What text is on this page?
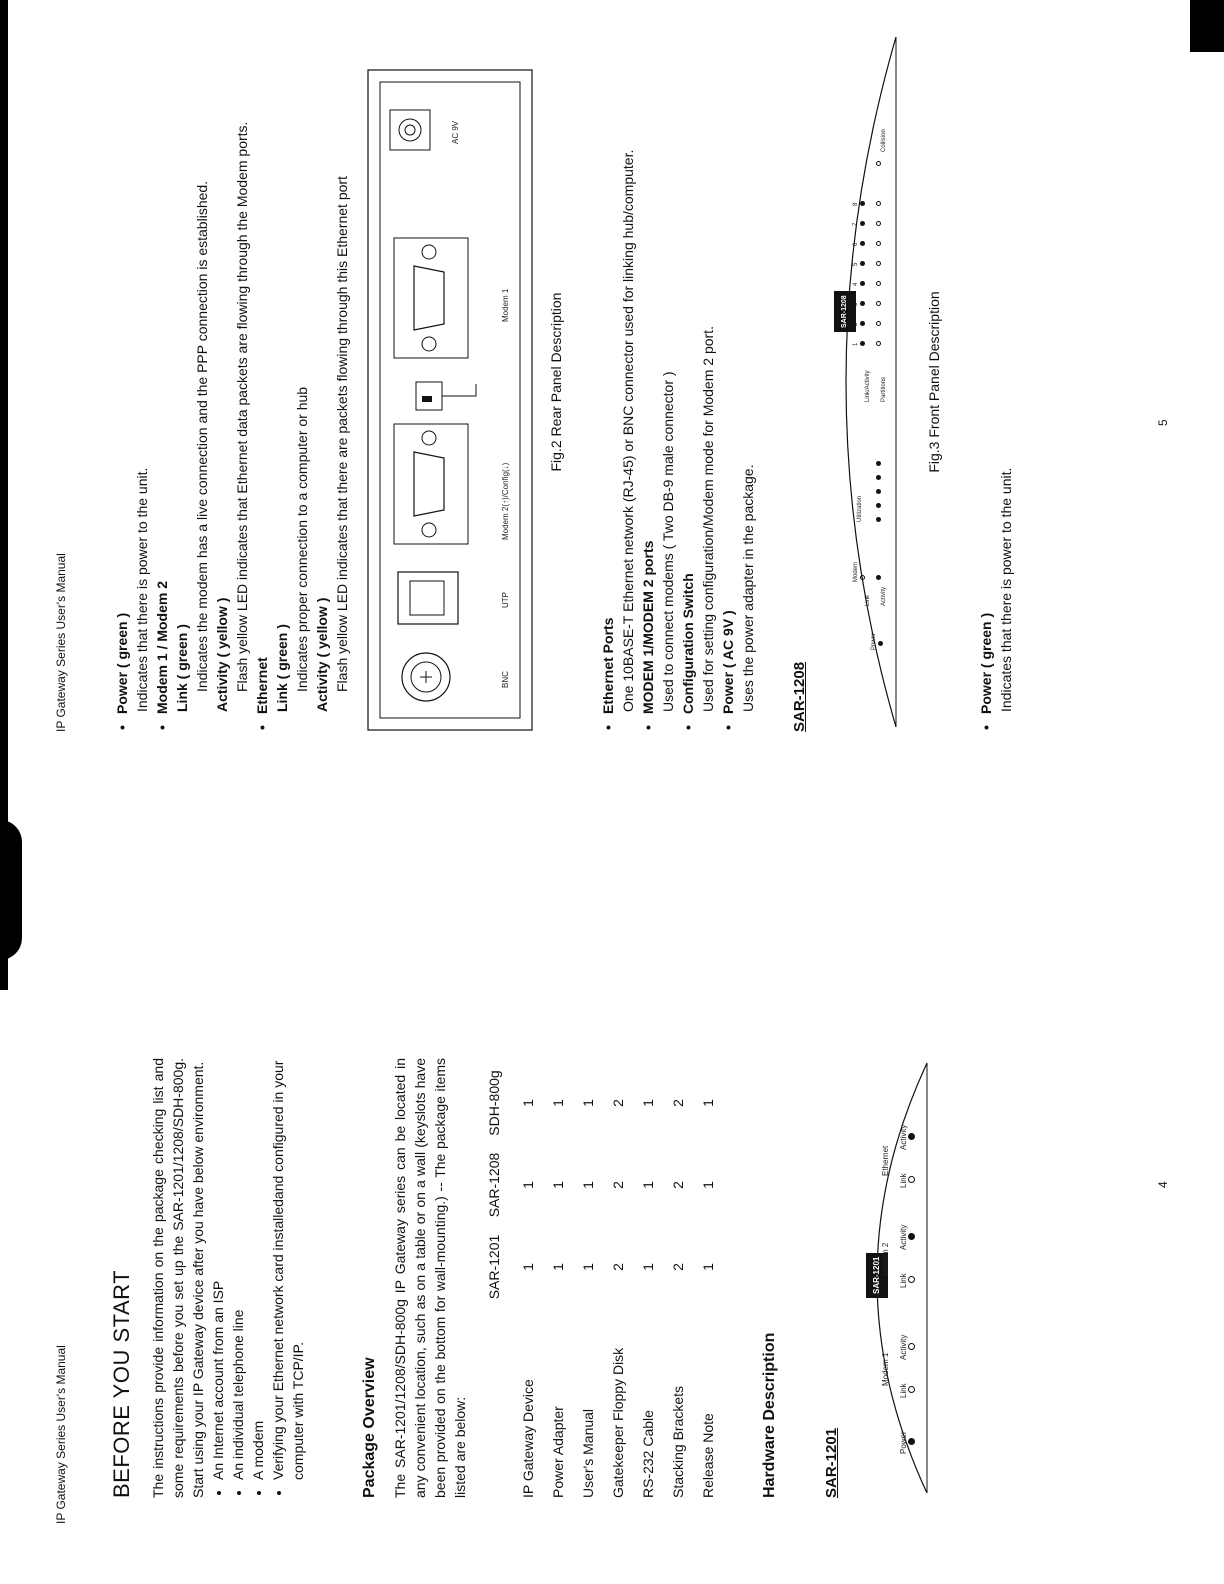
IP Gateway Series User's Manual BEFORE YOU START The instructions provide information on the package checking list and some requirements before you set up the SAR-1201/1208/SDH-800g. Start using your IP Gateway device after you have below environment. • An Internet account from an ISP • An individual telephone line • A modem • Verifying your Ethernet network card installedand configured in your computer with TCP/IP.	Package Overview The SAR-1201/1208/SDH-800g IP Gateway series can be located in any convenient location, such as on a table or on a wall (keyslots have been provided on the bottom for wall-mounting.) -- The package items listed are below:

	SAR-1201	SAR-1208	SDH-800g
IP Gateway Device	1	1	1
Power Adapter	1	1	1
User's Manual	1	1	1
Gatekeeper Floppy Disk	2	2	2
RS-232 Cable	1	1	1
Stacking Brackets	2	2	2
Release Note	1	1	1
Hardware Description	SAR-1201
SAR-1201
Modem 1
Modem 2
Ethernet
Power
Link
Activity
Link
Activity
Link
Activity
4
IP Gateway Series User's Manual	• Power ( green ) Indicates that there is power to the unit. • Modem 1 / Modem 2 Link ( green ) Indicates the modem has a live connection and the PPP connection is established. Activity ( yellow ) Flash yellow LED indicates that Ethernet data packets are flowing through the Modem ports. • Ethernet Link ( green ) Indicates proper connection to a computer or hub Activity ( yellow ) Flash yellow LED indicates that there are packets flowing through this Ethernet port	BNC
UTP
Modem 2(↑)/Config(↓)
Modem 1
AC 9V
Fig.2 Rear Panel Description
• Ethernet Ports One 10BASE-T Ethernet network (RJ-45) or BNC connector used for linking hub/computer. • MODEM 1/MODEM 2 ports Used to connect modems ( Two DB-9 male connector ) • Configuration Switch Used for setting configuration/Modem mode for Modem 2 port. • Power ( AC 9V ) Uses the power adapter in the package. SAR-1208
SAR-1208
Power
Modem
Link	Activity
Utilization
Link/Activity	Partitions
Collision
1
2
3
4
5
6
7
8
Fig.3 Front Panel Description
• Power ( green ) Indicates that there is power to the unit.
5
